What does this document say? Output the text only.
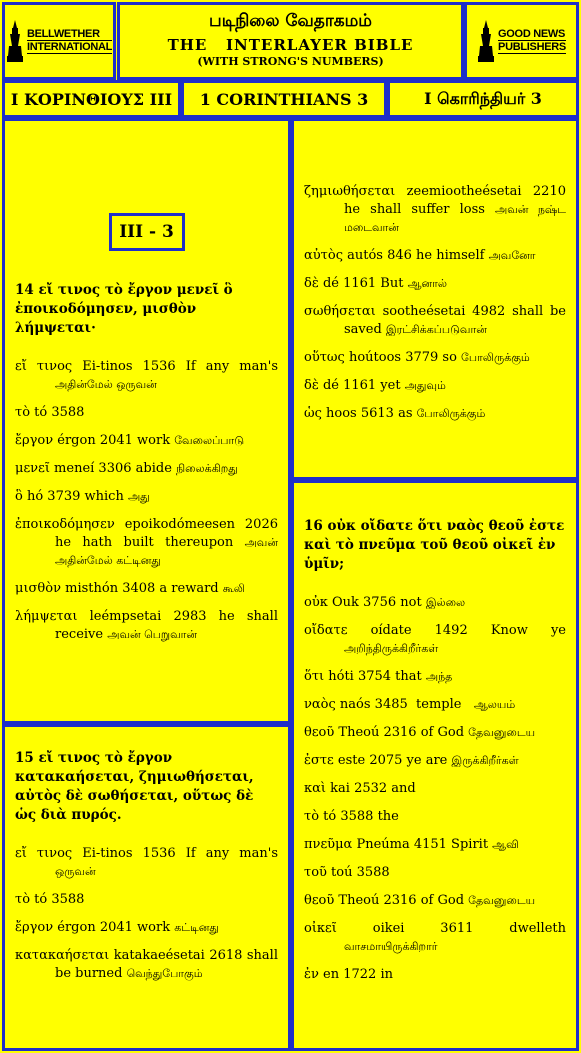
BELLWETHER
INTERNATIONAL
படிநிலை வேதாகமம்
THE   INTERLAYER BIBLE
(WITH STRONG'S NUMBERS)
GOOD NEWS
PUBLISHERS
Ι ΚΟΡΙΝΘΙΟΥΣ ΙΙΙ 1 CORINTHIANS 3	I கொரிந்தியர் 3
III - 3
14 εἴ τινος τὸ ἔργον μενεῖ ὃ ἐποικοδόμησεν, μισθὸν λήμψεται·
εἴ τινος Ei-tinos 1536 If any man's அதின்மேல் ஒருவன்
τὸ tó 3588
ἔργον érgon 2041 work வேலைப்பாடு
μενεῖ meneí 3306 abide நிலைக்கிறது
ὃ hó 3739 which அது
ἐποικοδόμησεν epoikodómeesen 2026 he hath built thereupon அவன் அதின்மேல் கட்டினது
μισθὸν misthón 3408 a reward கூலி
λήμψεται leémpsetai 2983 he shall receive அவன் பெறுவான்
15 εἴ τινος τὸ ἔργον κατακαήσεται, ζημιωθήσεται, αὐτὸς δὲ σωθήσεται, οὕτως δὲ ὡς διὰ πυρός.
εἴ τινος Ei-tinos 1536 If any man's ஒருவன்
τὸ tó 3588
ἔργον érgon 2041 work கட்டினது
κατακαήσεται katakaeésetai 2618 shall be burned வெந்துபோகும்
ζημιωθήσεται zeemiootheésetai 2210 he shall suffer loss அவன் நஷ்ட மடைவான்
αὐτὸς autós 846 he himself அவனோ
δὲ dé 1161 But ஆனால்
σωθήσεται sootheésetai 4982 shall be saved இரட்சிக்கப்படுவான்
οὕτως hoútoos 3779 so போலிருக்கும்
δὲ dé 1161 yet அதுவும்
ὡς hoos 5613 as போலிருக்கும்
16 οὐκ οἴδατε ὅτι ναὸς θεοῦ ἐστε καὶ τὸ πνεῦμα τοῦ θεοῦ οἰκεῖ ἐν ὑμῖν;
οὐκ Ouk 3756 not இல்லை
οἴδατε oídate 1492 Know ye அறிந்திருக்கிறீர்கள்
ὅτι hóti 3754 that அந்த
ναὸς naós 3485  temple   ஆலயம்
θεοῦ Theoú 2316 of God தேவனுடைய
ἐστε este 2075 ye are இருக்கிறீர்கள்
καὶ kai 2532 and
τὸ tó 3588 the
πνεῦμα Pneúma 4151 Spirit ஆவி
τοῦ toú 3588
θεοῦ Theoú 2316 of God தேவனுடைய
οἰκεῖ oikei 3611 dwelleth வாசமாயிருக்கிறார்
ἐν en 1722 in
